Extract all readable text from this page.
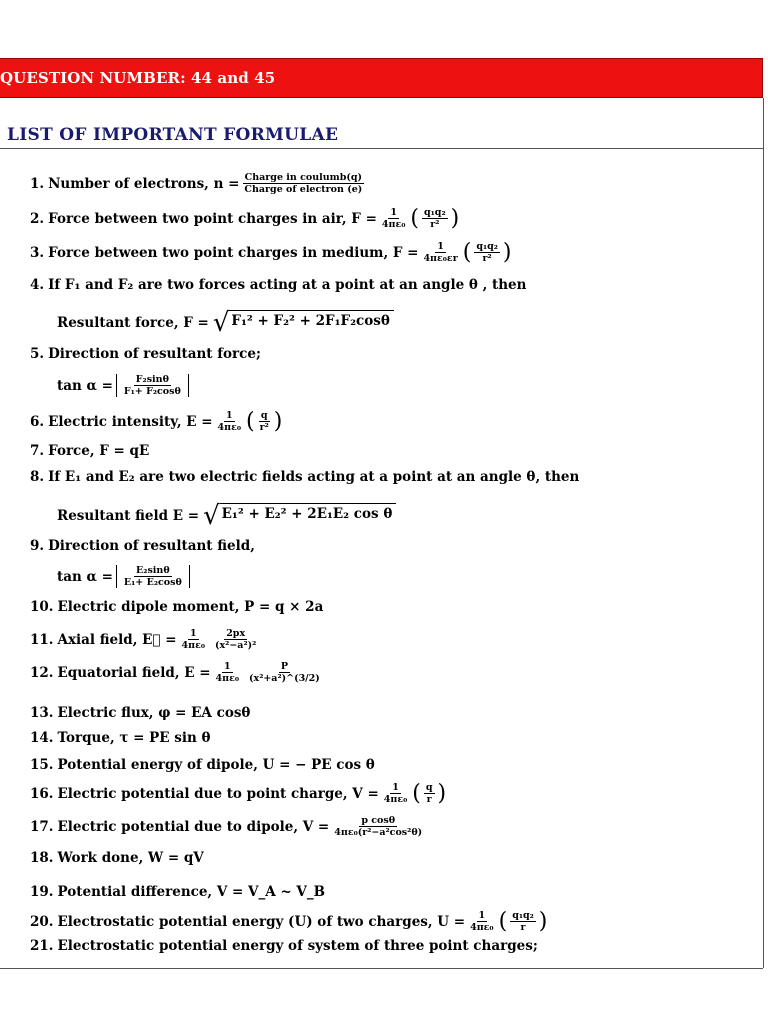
QUESTION NUMBER: 44 and 45
LIST OF IMPORTANT FORMULAE
1. Number of electrons, $n = \frac{\text{Charge in coulumb(q)}}{\text{Charge of electron (e)}}$
2. Force between two point charges in air, $F = \frac{1}{\text{4πε₀}}$ ( $\frac{\text{q₁q₂}}{\text{r²}}$ )
3. Force between two point charges in medium, $F = \frac{1}{\text{4πε₀εr}}$ ( $\frac{\text{q₁q₂}}{\text{r²}}$ )
4. If F₁ and F₂ are two forces acting at a point at an angle θ , then
Resultant force, F = √ F₁² + F₂² + 2F₁F₂cosθ
5. Direction of resultant force;
$\tan \alpha = \frac{\text{F₂sinθ}}{\text{F₁+ F₂cosθ}}$
6. Electric intensity, $E = \frac{1}{\text{4πε₀}}$ ( $\frac{q}{\text{r²}}$ )
7. Force, F = qE
8. If E₁ and E₂ are two electric fields acting at a point at an angle θ, then
Resultant field E = √ E₁² + E₂² + 2E₁E₂ cos θ
9. Direction of resultant field,
$\tan \alpha = \frac{\text{E₂sinθ}}{\text{E₁+ E₂cosθ}}$
10. Electric dipole moment, P = q × 2a
11. Axial field, E⃗ = $\frac{1}{\text{4πε₀}} \frac{2px}{\text{(x²−a²)²}}$
12. Equatorial field, $E = \frac{1}{\text{4πε₀}} \frac{P}{\text{(x²+a²)\textasciicircum{}(3/2)}}$
13. Electric flux, φ = EA cosθ
14. Torque, τ = PE sin θ
15. Potential energy of dipole, U = − PE cos θ
16. Electric potential due to point charge, $V = \frac{1}{\text{4πε₀}}$ ( $\frac{q}{r}$ )
17. Electric potential due to dipole, $V = \frac{\text{p cosθ}}{\text{4πε₀(r²−a²cos²θ)}}$
18. Work done, W = qV
19. Potential difference, V = V_A ~ V_B
20. Electrostatic potential energy (U) of two charges, $U = \frac{1}{\text{4πε₀}}$ ( $\frac{\text{q₁q₂}}{r}$ )
21. Electrostatic potential energy of system of three point charges;
